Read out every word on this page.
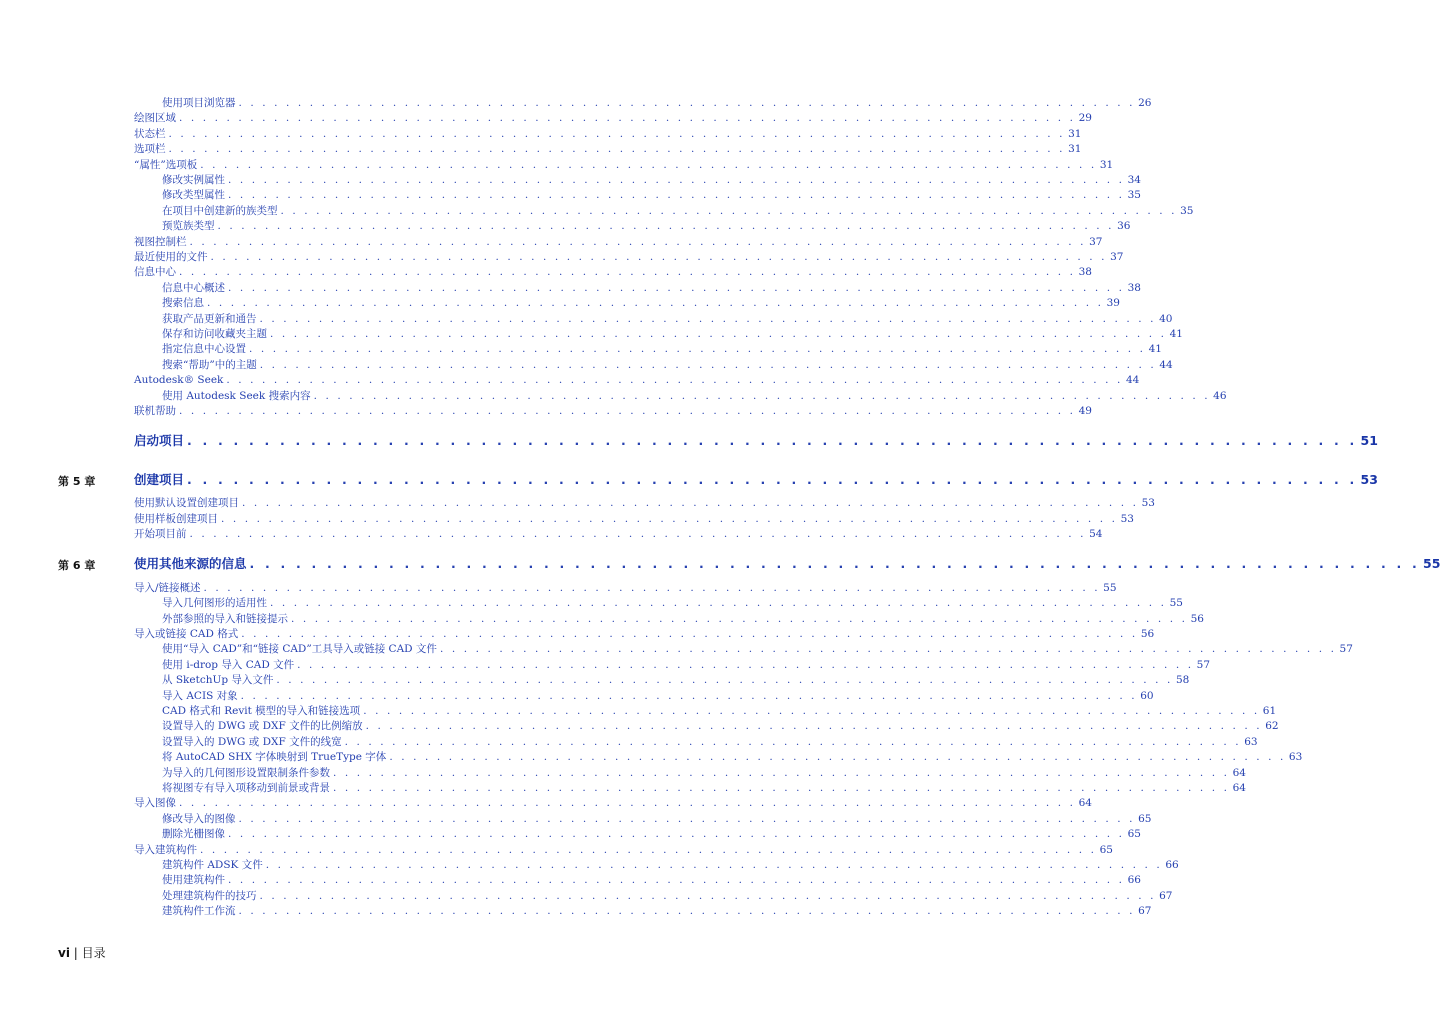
使用项目浏览器 . . . . . . . . . . . . . . . . . . . . . . . . . . . . . . . . . . . . . . . . . . . . . . . . . . . . . . . . . . . . . . . . . . . . . . . . . . . . 26
绘图区域 . . . . . . . . . . . . . . . . . . . . . . . . . . . . . . . . . . . . . . . . . . . . . . . . . . . . . . . . . . . . . . . . . . . . . . . . . . . . 29
状态栏 . . . . . . . . . . . . . . . . . . . . . . . . . . . . . . . . . . . . . . . . . . . . . . . . . . . . . . . . . . . . . . . . . . . . . . . . . . . . 31
选项栏 . . . . . . . . . . . . . . . . . . . . . . . . . . . . . . . . . . . . . . . . . . . . . . . . . . . . . . . . . . . . . . . . . . . . . . . . . . . . 31
“属性”选项板 . . . . . . . . . . . . . . . . . . . . . . . . . . . . . . . . . . . . . . . . . . . . . . . . . . . . . . . . . . . . . . . . . . . . . . . . . . . . 31
修改实例属性 . . . . . . . . . . . . . . . . . . . . . . . . . . . . . . . . . . . . . . . . . . . . . . . . . . . . . . . . . . . . . . . . . . . . . . . . . . . . 34
修改类型属性 . . . . . . . . . . . . . . . . . . . . . . . . . . . . . . . . . . . . . . . . . . . . . . . . . . . . . . . . . . . . . . . . . . . . . . . . . . . . 35
在项目中创建新的族类型 . . . . . . . . . . . . . . . . . . . . . . . . . . . . . . . . . . . . . . . . . . . . . . . . . . . . . . . . . . . . . . . . . . . . . . . . . . . . 35
预览族类型 . . . . . . . . . . . . . . . . . . . . . . . . . . . . . . . . . . . . . . . . . . . . . . . . . . . . . . . . . . . . . . . . . . . . . . . . . . . . 36
视图控制栏 . . . . . . . . . . . . . . . . . . . . . . . . . . . . . . . . . . . . . . . . . . . . . . . . . . . . . . . . . . . . . . . . . . . . . . . . . . . . 37
最近使用的文件 . . . . . . . . . . . . . . . . . . . . . . . . . . . . . . . . . . . . . . . . . . . . . . . . . . . . . . . . . . . . . . . . . . . . . . . . . . . . 37
信息中心 . . . . . . . . . . . . . . . . . . . . . . . . . . . . . . . . . . . . . . . . . . . . . . . . . . . . . . . . . . . . . . . . . . . . . . . . . . . . 38
信息中心概述 . . . . . . . . . . . . . . . . . . . . . . . . . . . . . . . . . . . . . . . . . . . . . . . . . . . . . . . . . . . . . . . . . . . . . . . . . . . . 38
搜索信息 . . . . . . . . . . . . . . . . . . . . . . . . . . . . . . . . . . . . . . . . . . . . . . . . . . . . . . . . . . . . . . . . . . . . . . . . . . . . 39
获取产品更新和通告 . . . . . . . . . . . . . . . . . . . . . . . . . . . . . . . . . . . . . . . . . . . . . . . . . . . . . . . . . . . . . . . . . . . . . . . . . . . . 40
保存和访问收藏夹主题 . . . . . . . . . . . . . . . . . . . . . . . . . . . . . . . . . . . . . . . . . . . . . . . . . . . . . . . . . . . . . . . . . . . . . . . . . . . . 41
指定信息中心设置 . . . . . . . . . . . . . . . . . . . . . . . . . . . . . . . . . . . . . . . . . . . . . . . . . . . . . . . . . . . . . . . . . . . . . . . . . . . . 41
搜索“帮助”中的主题 . . . . . . . . . . . . . . . . . . . . . . . . . . . . . . . . . . . . . . . . . . . . . . . . . . . . . . . . . . . . . . . . . . . . . . . . . . . . 44
Autodesk® Seek . . . . . . . . . . . . . . . . . . . . . . . . . . . . . . . . . . . . . . . . . . . . . . . . . . . . . . . . . . . . . . . . . . . . . . . . . . . . 44
使用 Autodesk Seek 搜索内容 . . . . . . . . . . . . . . . . . . . . . . . . . . . . . . . . . . . . . . . . . . . . . . . . . . . . . . . . . . . . . . . . . . . . . . . . . . . . 46
联机帮助 . . . . . . . . . . . . . . . . . . . . . . . . . . . . . . . . . . . . . . . . . . . . . . . . . . . . . . . . . . . . . . . . . . . . . . . . . . . . 49
启动项目 . . . . . . . . . . . . . . . . . . . . . . . . . . . . . . . . . . . . . . . . . . . . . . . . . . . . . . . . . . . . . . . . . . . . . . . . . . . . 51
创建项目 . . . . . . . . . . . . . . . . . . . . . . . . . . . . . . . . . . . . . . . . . . . . . . . . . . . . . . . . . . . . . . . . . . . . . . . . . . . . 53
第 5 章
使用默认设置创建项目 . . . . . . . . . . . . . . . . . . . . . . . . . . . . . . . . . . . . . . . . . . . . . . . . . . . . . . . . . . . . . . . . . . . . . . . . . . . . 53
使用样板创建项目 . . . . . . . . . . . . . . . . . . . . . . . . . . . . . . . . . . . . . . . . . . . . . . . . . . . . . . . . . . . . . . . . . . . . . . . . . . . . 53
开始项目前 . . . . . . . . . . . . . . . . . . . . . . . . . . . . . . . . . . . . . . . . . . . . . . . . . . . . . . . . . . . . . . . . . . . . . . . . . . . . 54
使用其他来源的信息 . . . . . . . . . . . . . . . . . . . . . . . . . . . . . . . . . . . . . . . . . . . . . . . . . . . . . . . . . . . . . . . . . . . . . . . . . . . . 55
第 6 章
导入/链接概述 . . . . . . . . . . . . . . . . . . . . . . . . . . . . . . . . . . . . . . . . . . . . . . . . . . . . . . . . . . . . . . . . . . . . . . . . . . . . 55
导入几何图形的适用性 . . . . . . . . . . . . . . . . . . . . . . . . . . . . . . . . . . . . . . . . . . . . . . . . . . . . . . . . . . . . . . . . . . . . . . . . . . . . 55
外部参照的导入和链接提示 . . . . . . . . . . . . . . . . . . . . . . . . . . . . . . . . . . . . . . . . . . . . . . . . . . . . . . . . . . . . . . . . . . . . . . . . . . . . 56
导入或链接 CAD 格式 . . . . . . . . . . . . . . . . . . . . . . . . . . . . . . . . . . . . . . . . . . . . . . . . . . . . . . . . . . . . . . . . . . . . . . . . . . . . 56
使用“导入 CAD”和“链接 CAD”工具导入或链接 CAD 文件 . . . . . . . . . . . . . . . . . . . . . . . . . . . . . . . . . . . . . . . . . . . . . . . . . . . . . . . . . . . . . . . . . . . . . . . . . . . . 57
使用 i-drop 导入 CAD 文件 . . . . . . . . . . . . . . . . . . . . . . . . . . . . . . . . . . . . . . . . . . . . . . . . . . . . . . . . . . . . . . . . . . . . . . . . . . . . 57
从 SketchUp 导入文件 . . . . . . . . . . . . . . . . . . . . . . . . . . . . . . . . . . . . . . . . . . . . . . . . . . . . . . . . . . . . . . . . . . . . . . . . . . . . 58
导入 ACIS 对象 . . . . . . . . . . . . . . . . . . . . . . . . . . . . . . . . . . . . . . . . . . . . . . . . . . . . . . . . . . . . . . . . . . . . . . . . . . . . 60
CAD 格式和 Revit 模型的导入和链接选项 . . . . . . . . . . . . . . . . . . . . . . . . . . . . . . . . . . . . . . . . . . . . . . . . . . . . . . . . . . . . . . . . . . . . . . . . . . . . 61
设置导入的 DWG 或 DXF 文件的比例缩放 . . . . . . . . . . . . . . . . . . . . . . . . . . . . . . . . . . . . . . . . . . . . . . . . . . . . . . . . . . . . . . . . . . . . . . . . . . . . 62
设置导入的 DWG 或 DXF 文件的线宽 . . . . . . . . . . . . . . . . . . . . . . . . . . . . . . . . . . . . . . . . . . . . . . . . . . . . . . . . . . . . . . . . . . . . . . . . . . . . 63
将 AutoCAD SHX 字体映射到 TrueType 字体 . . . . . . . . . . . . . . . . . . . . . . . . . . . . . . . . . . . . . . . . . . . . . . . . . . . . . . . . . . . . . . . . . . . . . . . . . . . . 63
为导入的几何图形设置限制条件参数 . . . . . . . . . . . . . . . . . . . . . . . . . . . . . . . . . . . . . . . . . . . . . . . . . . . . . . . . . . . . . . . . . . . . . . . . . . . . 64
将视图专有导入项移动到前景或背景 . . . . . . . . . . . . . . . . . . . . . . . . . . . . . . . . . . . . . . . . . . . . . . . . . . . . . . . . . . . . . . . . . . . . . . . . . . . . 64
导入图像 . . . . . . . . . . . . . . . . . . . . . . . . . . . . . . . . . . . . . . . . . . . . . . . . . . . . . . . . . . . . . . . . . . . . . . . . . . . . 64
修改导入的图像 . . . . . . . . . . . . . . . . . . . . . . . . . . . . . . . . . . . . . . . . . . . . . . . . . . . . . . . . . . . . . . . . . . . . . . . . . . . . 65
删除光栅图像 . . . . . . . . . . . . . . . . . . . . . . . . . . . . . . . . . . . . . . . . . . . . . . . . . . . . . . . . . . . . . . . . . . . . . . . . . . . . 65
导入建筑构件 . . . . . . . . . . . . . . . . . . . . . . . . . . . . . . . . . . . . . . . . . . . . . . . . . . . . . . . . . . . . . . . . . . . . . . . . . . . . 65
建筑构件 ADSK 文件 . . . . . . . . . . . . . . . . . . . . . . . . . . . . . . . . . . . . . . . . . . . . . . . . . . . . . . . . . . . . . . . . . . . . . . . . . . . . 66
使用建筑构件 . . . . . . . . . . . . . . . . . . . . . . . . . . . . . . . . . . . . . . . . . . . . . . . . . . . . . . . . . . . . . . . . . . . . . . . . . . . . 66
处理建筑构件的技巧 . . . . . . . . . . . . . . . . . . . . . . . . . . . . . . . . . . . . . . . . . . . . . . . . . . . . . . . . . . . . . . . . . . . . . . . . . . . . 67
建筑构件工作流 . . . . . . . . . . . . . . . . . . . . . . . . . . . . . . . . . . . . . . . . . . . . . . . . . . . . . . . . . . . . . . . . . . . . . . . . . . . . 67
vi | 目录
